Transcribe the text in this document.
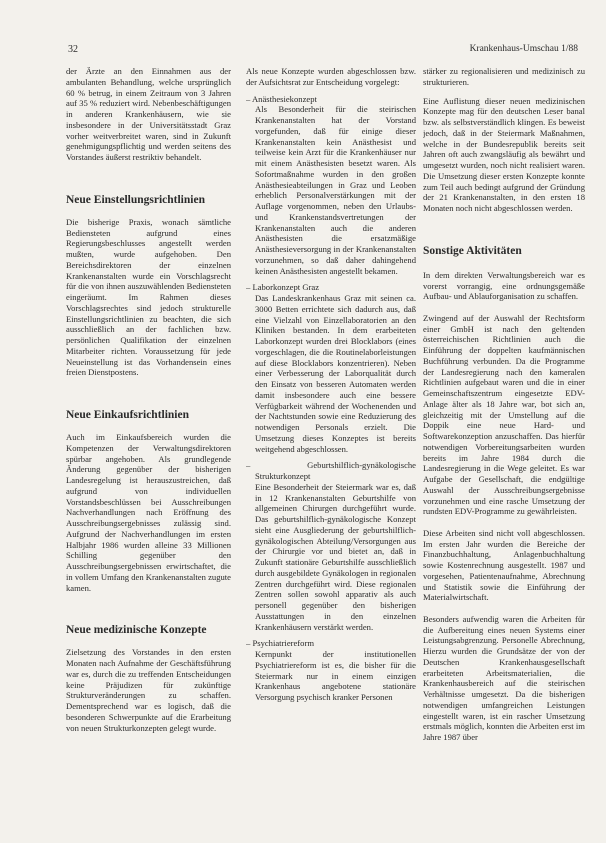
32	Krankenhaus-Umschau 1/88

der Ärzte an den Einnahmen aus der ambulanten Behandlung, welche ursprünglich 60 % betrug, in einem Zeitraum von 3 Jahren auf 35 % reduziert wird. Nebenbeschäftigungen in anderen Krankenhäusern, wie sie insbesondere in der Universitätsstadt Graz vorher weitverbreitet waren, sind in Zukunft genehmigungspflichtig und werden seitens des Vorstandes äußerst restriktiv behandelt.

Neue Einstellungsrichtlinien

Die bisherige Praxis, wonach sämtliche Bediensteten aufgrund eines Regierungsbeschlusses angestellt werden mußten, wurde aufgehoben. Den Bereichsdirektoren der einzelnen Krankenanstalten wurde ein Vorschlagsrecht für die von ihnen auszuwählenden Bediensteten eingeräumt. Im Rahmen dieses Vorschlagsrechtes sind jedoch strukturelle Einstellungsrichtlinien zu beachten, die sich ausschließlich an der fachlichen bzw. persönlichen Qualifikation der einzelnen Mitarbeiter richten. Voraussetzung für jede Neueinstellung ist das Vorhandensein eines freien Dienstpostens.

Neue Einkaufsrichtlinien

Auch im Einkaufsbereich wurden die Kompetenzen der Verwaltungsdirektoren spürbar angehoben. Als grundlegende Änderung gegenüber der bisherigen Landesregelung ist herauszustreichen, daß aufgrund von individuellen Vorstandsbeschlüssen bei Ausschreibungen Nachverhandlungen nach Eröffnung des Ausschreibungsergebnisses zulässig sind. Aufgrund der Nachverhandlungen im ersten Halbjahr 1986 wurden alleine 33 Millionen Schilling gegenüber den Ausschreibungsergebnissen erwirtschaftet, die in vollem Umfang den Krankenanstalten zugute kamen.

Neue medizinische Konzepte

Zielsetzung des Vorstandes in den ersten Monaten nach Aufnahme der Geschäftsführung war es, durch die zu treffenden Entscheidungen keine Präjudizen für zukünftige Strukturveränderungen zu schaffen. Dementsprechend war es logisch, daß die besonderen Schwerpunkte auf die Erarbeitung von neuen Strukturkonzepten gelegt wurde.

Als neue Konzepte wurden abgeschlossen bzw. der Aufsichtsrat zur Entscheidung vorgelegt:

– Anästhesiekonzept

Als Besonderheit für die steirischen Krankenanstalten hat der Vorstand vorgefunden, daß für einige dieser Krankenanstalten kein Anästhesist und teilweise kein Arzt für die Krankenhäuser nur mit einem Anästhesisten besetzt waren. Als Sofortmaßnahme wurden in den großen Anästhesieabteilungen in Graz und Leoben erheblich Personalverstärkungen mit der Auflage vorgenommen, neben den Urlaubs- und Krankenstandsvertretungen der Krankenanstalten auch die anderen Anästhesisten die ersatzmäßige Anästhesieversorgung in der Krankenanstalten vorzunehmen, so daß daher dahingehend keinen Anästhesisten angestellt bekamen.

– Laborkonzept Graz

Das Landeskrankenhaus Graz mit seinen ca. 3000 Betten errichtete sich dadurch aus, daß eine Vielzahl von Einzellaboratorien an den Kliniken bestanden. In dem erarbeiteten Laborkonzept wurden drei Blocklabors (eines vorgeschlagen, die die Routinelaborleistungen auf diese Blocklabors konzentrieren). Neben einer Verbesserung der Laborqualität durch den Einsatz von besseren Automaten werden damit insbesondere auch eine bessere Verfügbarkeit während der Wochenenden und der Nachtstunden sowie eine Reduzierung des notwendigen Personals erzielt. Die Umsetzung dieses Konzeptes ist bereits weitgehend abgeschlossen.

– Geburtshilflich-gynäkologische Strukturkonzept

Eine Besonderheit der Steiermark war es, daß in 12 Krankenanstalten Geburtshilfe von allgemeinen Chirurgen durchgeführt wurde. Das geburtshilflich-gynäkologische Konzept sieht eine Ausgliederung der geburtshilflich-gynäkologischen Abteilung/Versorgungen aus der Chirurgie vor und bietet an, daß in Zukunft stationäre Geburtshilfe ausschließlich durch ausgebildete Gynäkologen in regionalen Zentren durchgeführt wird. Diese regionalen Zentren sollen sowohl apparativ als auch personell gegenüber den bisherigen Ausstattungen in den einzelnen Krankenhäusern verstärkt werden.

– Psychiatriereform

Kernpunkt der institutionellen Psychiatriereform ist es, die bisher für die Steiermark nur in einem einzigen Krankenhaus angebotene stationäre Versorgung psychisch kranker Personen

stärker zu regionalisieren und medizinisch zu strukturieren.

Eine Auflistung dieser neuen medizinischen Konzepte mag für den deutschen Leser banal bzw. als selbstverständlich klingen. Es beweist jedoch, daß in der Steiermark Maßnahmen, welche in der Bundesrepublik bereits seit Jahren oft auch zwangsläufig als bewährt und umgesetzt wurden, noch nicht realisiert waren. Die Umsetzung dieser ersten Konzepte konnte zum Teil auch bedingt aufgrund der Gründung der 21 Krankenanstalten, in den ersten 18 Monaten noch nicht abgeschlossen werden.

Sonstige Aktivitäten

In dem direkten Verwaltungsbereich war es vorerst vorrangig, eine ordnungsgemäße Aufbau- und Ablauforganisation zu schaffen.

Zwingend auf der Auswahl der Rechtsform einer GmbH ist nach den geltenden österreichischen Richtlinien auch die Einführung der doppelten kaufmännischen Buchführung verbunden. Da die Programme der Landesregierung nach den kameralen Richtlinien aufgebaut waren und die in einer Gemeinschaftszentrum eingesetzte EDV-Anlage älter als 18 Jahre war, bot sich an, gleichzeitig mit der Umstellung auf die Doppik eine neue Hard- und Softwarekonzeption anzuschaffen. Das hierfür notwendigen Vorbereitungsarbeiten wurden bereits im Jahre 1984 durch die Landesregierung in die Wege geleitet. Es war Aufgabe der Gesellschaft, die endgültige Auswahl der Ausschreibungsergebnisse vorzunehmen und eine rasche Umsetzung der rundsten EDV-Programme zu gewährleisten.

Diese Arbeiten sind nicht voll abgeschlossen. Im ersten Jahr wurden die Bereiche der Finanzbuchhaltung, Anlagenbuchhaltung sowie Kostenrechnung ausgestellt. 1987 und vorgesehen, Patientenaufnahme, Abrechnung und Statistik sowie die Einführung der Materialwirtschaft.

Besonders aufwendig waren die Arbeiten für die Aufbereitung eines neuen Systems einer Leistungsabgrenzung. Personelle Abrechnung, Hierzu wurden die Grundsätze der von der Deutschen Krankenhausgesellschaft erarbeiteten Arbeitsmaterialien, die Krankenhausbereich auf die steirischen Verhältnisse umgesetzt. Da die bisherigen notwendigen umfangreichen Leistungen eingestellt waren, ist ein rascher Umsetzung erstmals möglich, konnten die Arbeiten erst im Jahre 1987 über
